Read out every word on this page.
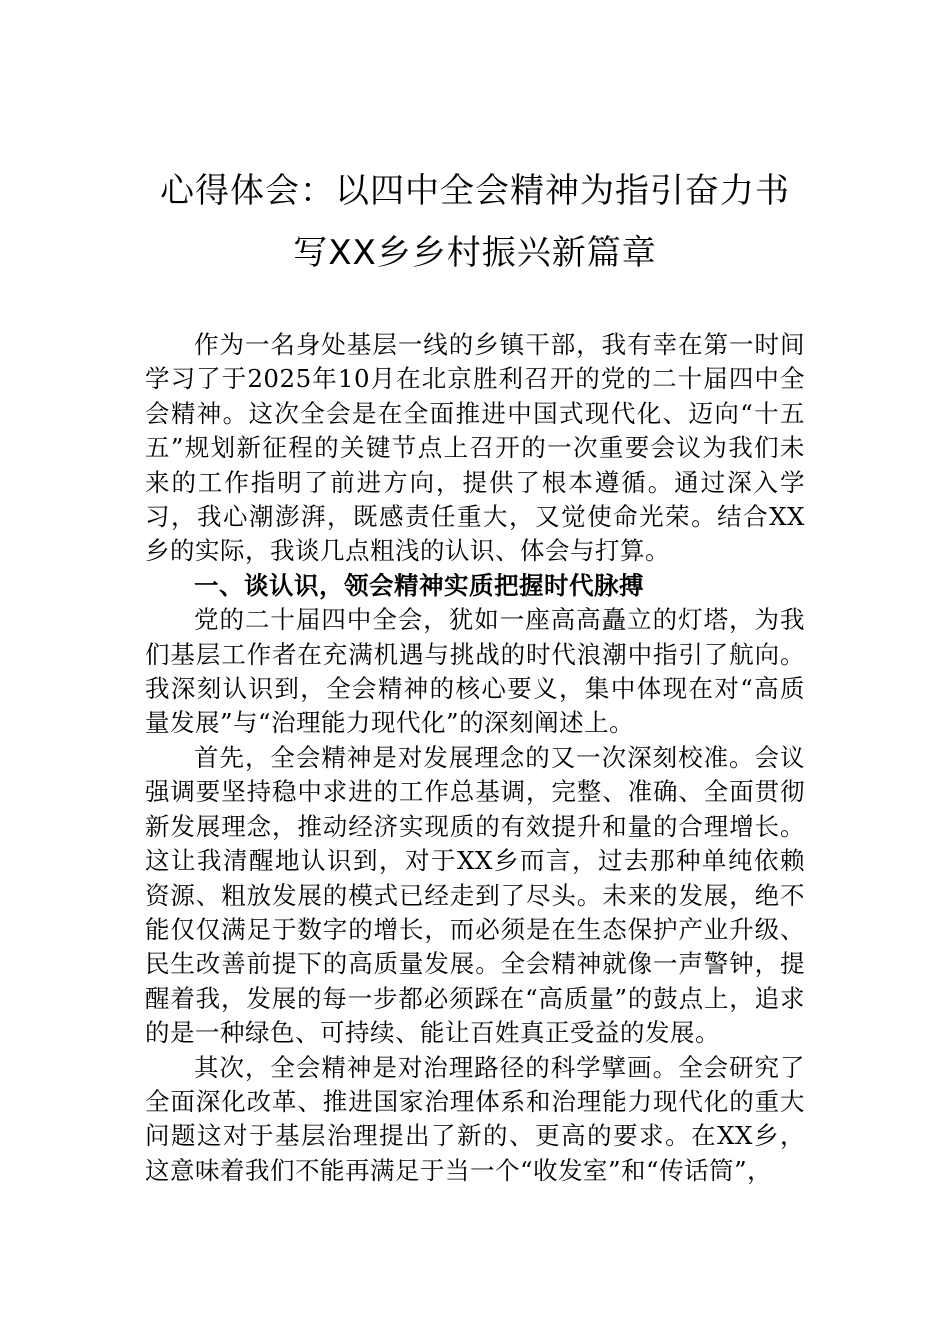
心得体会：以四中全会精神为指引奋力书
写XX乡乡村振兴新篇章

作为一名身处基层一线的乡镇干部，我有幸在第一时间学习了于2025年10月在北京胜利召开的党的二十届四中全会精神。这次全会是在全面推进中国式现代化、迈向“十五五”规划新征程的关键节点上召开的一次重要会议为我们未来的工作指明了前进方向，提供了根本遵循。通过深入学习，我心潮澎湃，既感责任重大，又觉使命光荣。结合XX乡的实际，我谈几点粗浅的认识、体会与打算。

一、谈认识，领会精神实质把握时代脉搏

党的二十届四中全会，犹如一座高高矗立的灯塔，为我们基层工作者在充满机遇与挑战的时代浪潮中指引了航向。我深刻认识到，全会精神的核心要义，集中体现在对“高质量发展”与“治理能力现代化”的深刻阐述上。

首先，全会精神是对发展理念的又一次深刻校准。会议强调要坚持稳中求进的工作总基调，完整、准确、全面贯彻新发展理念，推动经济实现质的有效提升和量的合理增长。这让我清醒地认识到，对于XX乡而言，过去那种单纯依赖资源、粗放发展的模式已经走到了尽头。未来的发展，绝不能仅仅满足于数字的增长，而必须是在生态保护产业升级、民生改善前提下的高质量发展。全会精神就像一声警钟，提醒着我，发展的每一步都必须踩在“高质量”的鼓点上，追求的是一种绿色、可持续、能让百姓真正受益的发展。

其次，全会精神是对治理路径的科学擘画。全会研究了全面深化改革、推进国家治理体系和治理能力现代化的重大问题这对于基层治理提出了新的、更高的要求。在XX乡，这意味着我们不能再满足于当一个“收发室”和“传话筒”，
